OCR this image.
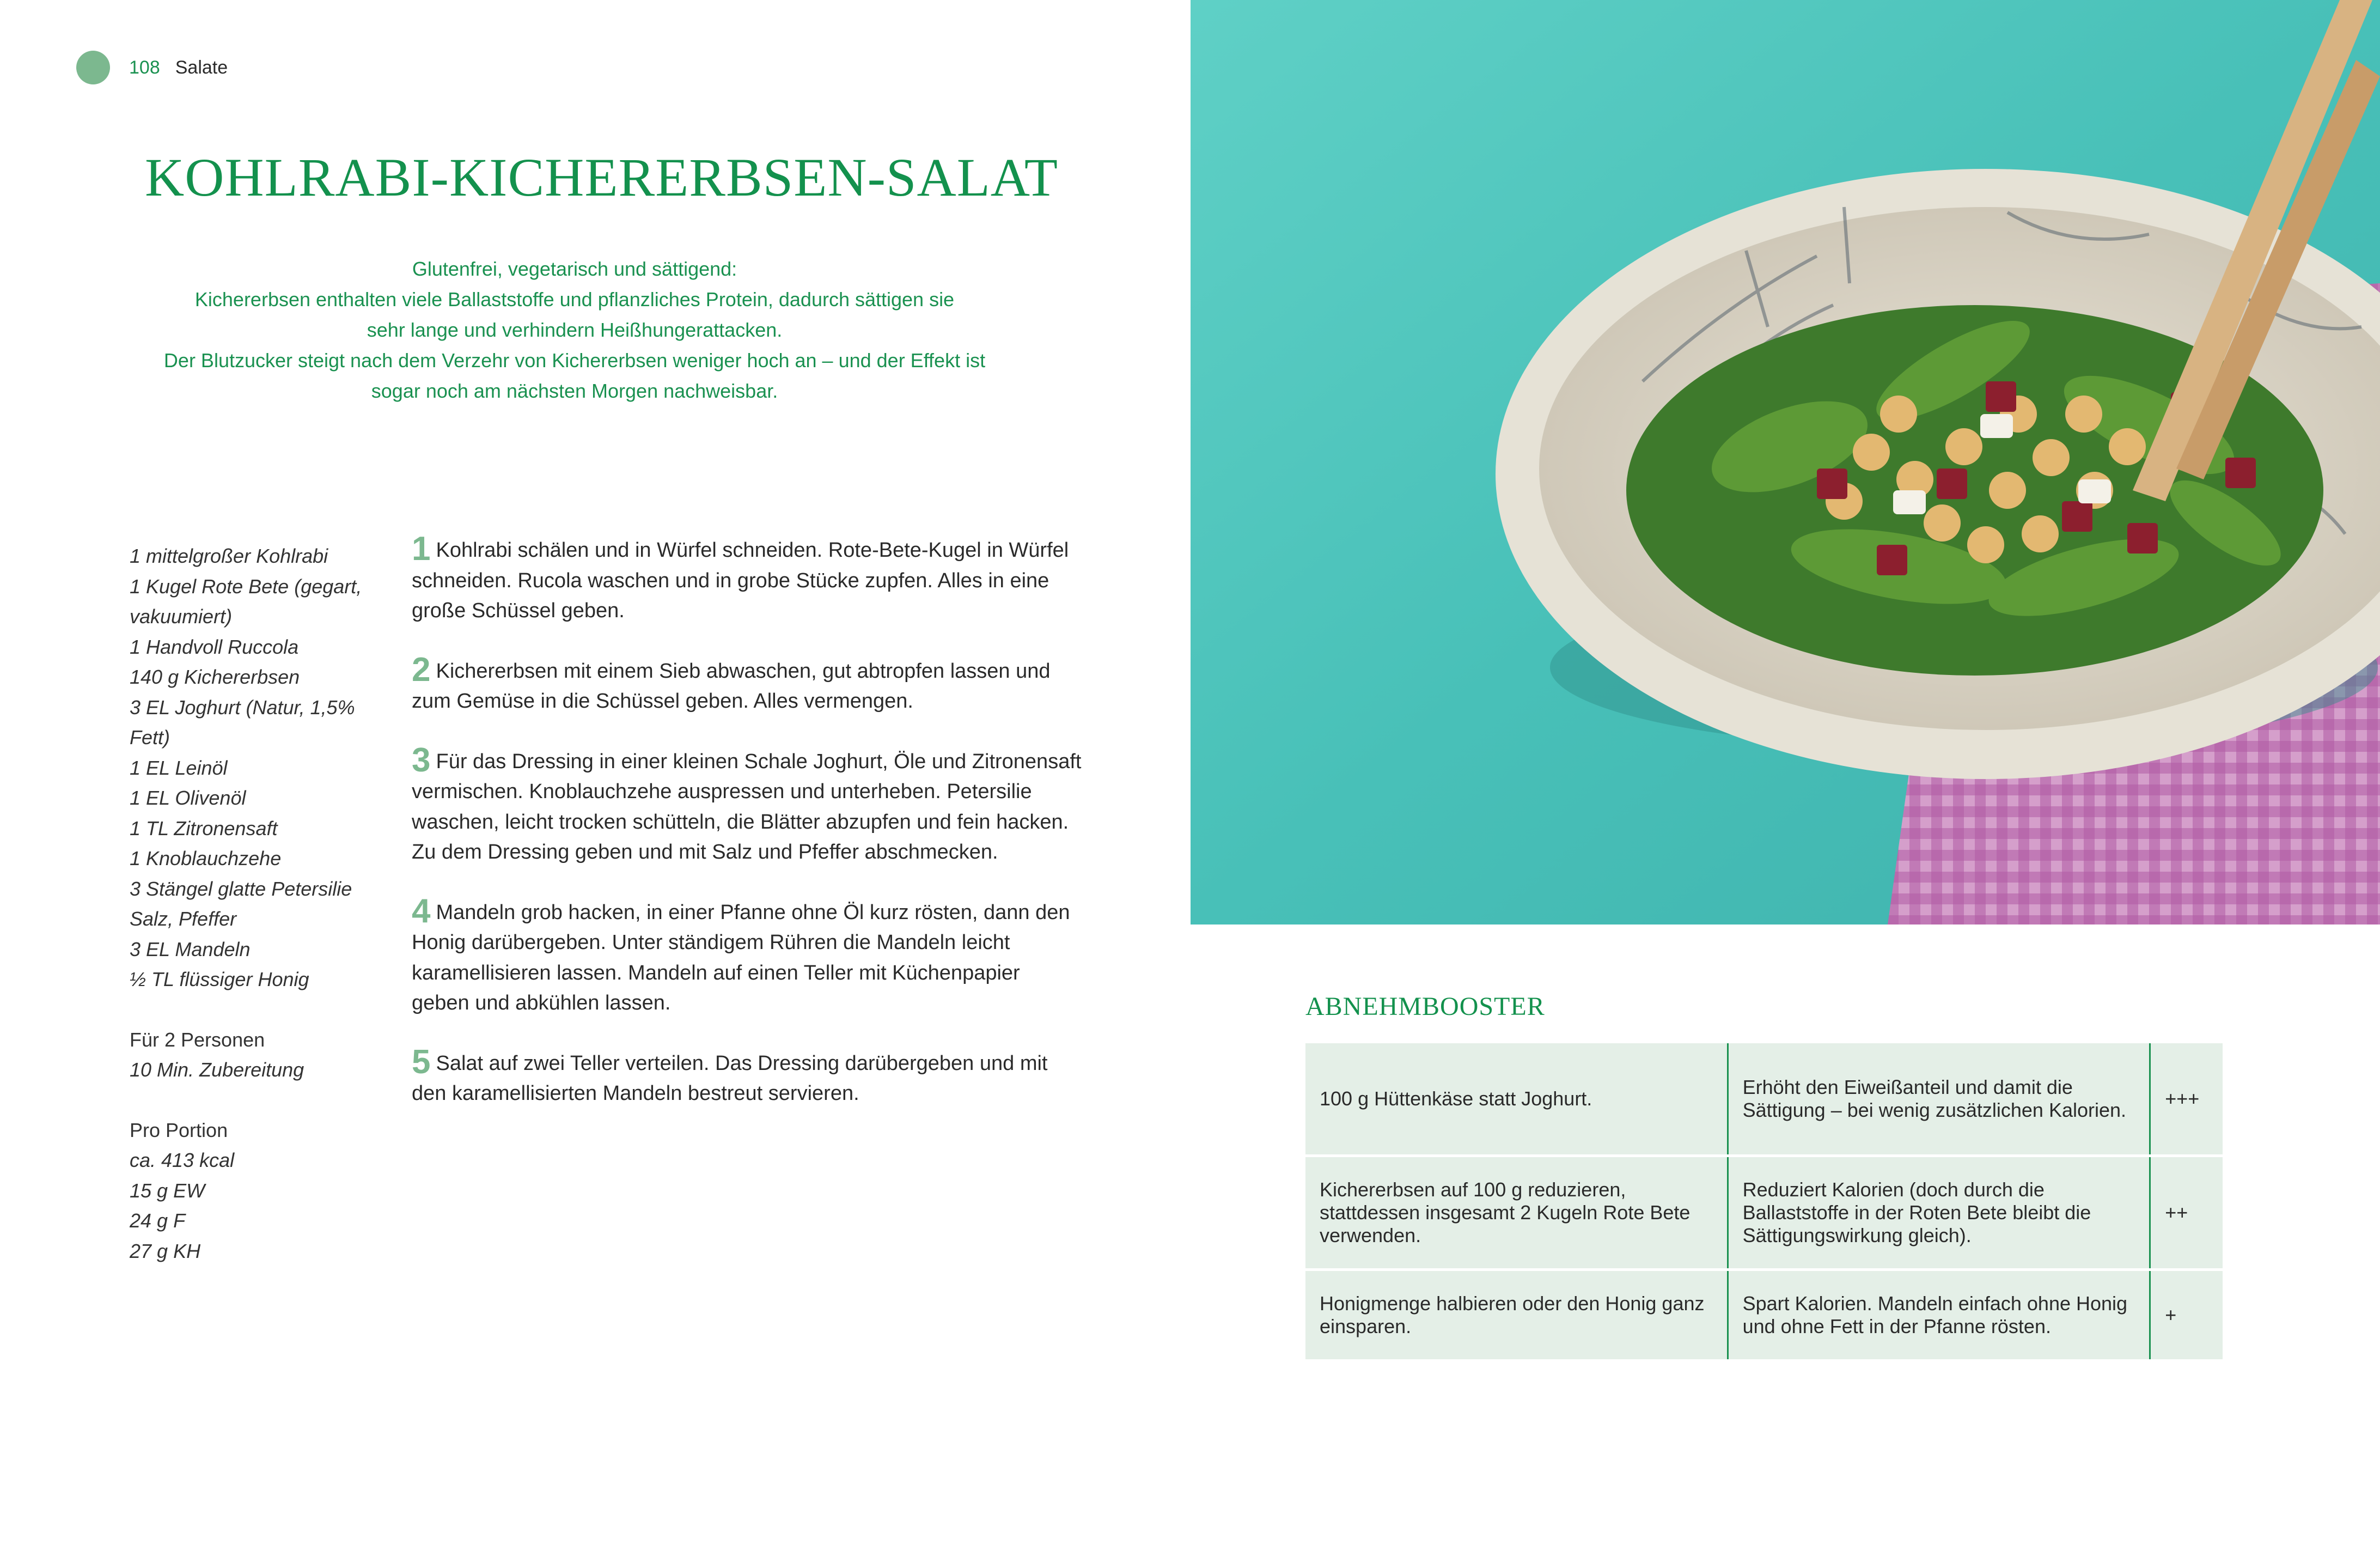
108 Salate
KOHLRABI-KICHERERBSEN-SALAT

Glutenfrei, vegetarisch und sättigend:

Kichererbsen enthalten viele Ballaststoffe und pflanzliches Protein, dadurch sättigen sie

sehr lange und verhindern Heißhungerattacken.

Der Blutzucker steigt nach dem Verzehr von Kichererbsen weniger hoch an – und der Effekt ist

sogar noch am nächsten Morgen nachweisbar.

1 mittelgroßer Kohlrabi
1 Kugel Rote Bete (gegart,
vakuumiert)
1 Handvoll Ruccola
140 g Kichererbsen
3 EL Joghurt (Natur, 1,5%
Fett)
1 EL Leinöl
1 EL Olivenöl
1 TL Zitronensaft
1 Knoblauchzehe
3 Stängel glatte Petersilie
Salz, Pfeffer
3 EL Mandeln
½ TL flüssiger Honig
Für 2 Personen
10 Min. Zubereitung
Pro Portion
ca. 413 kcal
15 g EW
24 g F
27 g KH

1 Kohlrabi schälen und in Würfel schneiden. Rote-Bete-Kugel in Würfel schneiden. Rucola waschen und in grobe Stücke zupfen. Alles in eine große Schüssel geben.

2 Kichererbsen mit einem Sieb abwaschen, gut abtropfen lassen und zum Gemüse in die Schüssel geben. Alles vermengen.

3 Für das Dressing in einer kleinen Schale Joghurt, Öle und Zitronensaft vermischen. Knoblauchzehe auspressen und unterheben. Petersilie waschen, leicht trocken schütteln, die Blätter abzupfen und fein hacken. Zu dem Dressing geben und mit Salz und Pfeffer abschmecken.

4 Mandeln grob hacken, in einer Pfanne ohne Öl kurz rösten, dann den Honig darübergeben. Unter ständigem Rühren die Mandeln leicht karamellisieren lassen. Mandeln auf einen Teller mit Küchenpapier geben und abkühlen lassen.

5 Salat auf zwei Teller verteilen. Das Dressing darübergeben und mit den karamellisierten Mandeln bestreut servieren.

ABNEHMBOOSTER
100 g Hüttenkäse statt Joghurt.	Erhöht den Eiweißanteil und damit die Sättigung – bei wenig zusätzlichen Kalorien.	+++
Kichererbsen auf 100 g reduzieren, stattdessen insgesamt 2 Kugeln Rote Bete verwenden.	Reduziert Kalorien (doch durch die Ballaststoffe in der Roten Bete bleibt die Sättigungswirkung gleich).	++
Honigmenge halbieren oder den Honig ganz einsparen.	Spart Kalorien. Mandeln einfach ohne Honig und ohne Fett in der Pfanne rösten.	+
